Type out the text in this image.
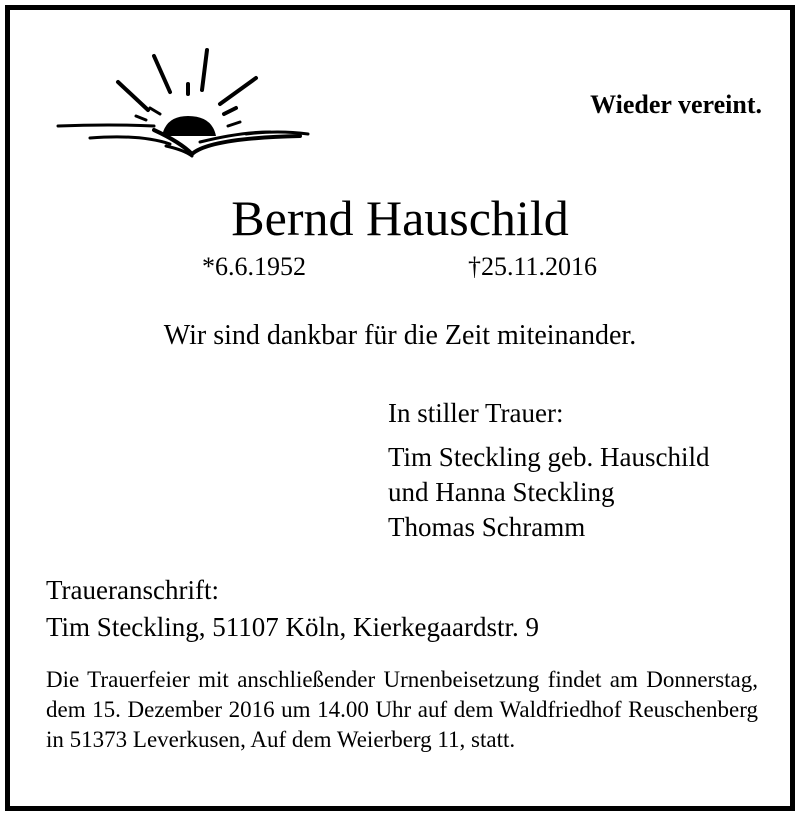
Wieder vereint.
Bernd Hauschild
*6.6.1952	†25.11.2016
Wir sind dankbar für die Zeit miteinander.
In stiller Trauer:
Tim Steckling geb. Hauschild
und Hanna Steckling
Thomas Schramm
Traueranschrift:
Tim Steckling, 51107 Köln, Kierkegaardstr. 9
Die Trauerfeier mit anschließender Urnenbeisetzung findet am Donnerstag, dem 15. Dezember 2016 um 14.00 Uhr auf dem Waldfriedhof Reuschenberg in 51373 Leverkusen, Auf dem Weierberg 11, statt.
